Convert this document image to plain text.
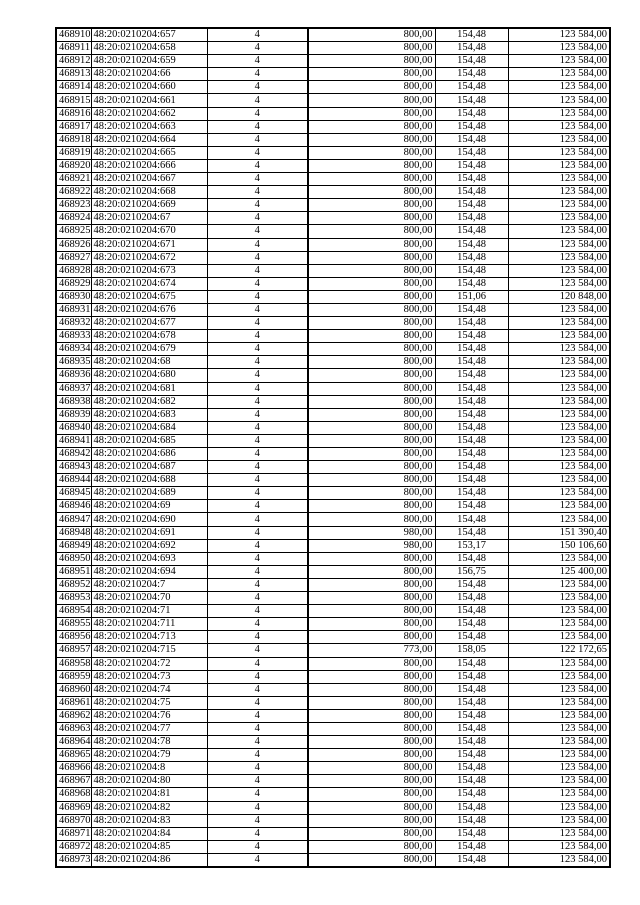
468910	48:20:0210204:657	4	800,00	154,48	123 584,00
468911	48:20:0210204:658	4	800,00	154,48	123 584,00
468912	48:20:0210204:659	4	800,00	154,48	123 584,00
468913	48:20:0210204:66	4	800,00	154,48	123 584,00
468914	48:20:0210204:660	4	800,00	154,48	123 584,00
468915	48:20:0210204:661	4	800,00	154,48	123 584,00
468916	48:20:0210204:662	4	800,00	154,48	123 584,00
468917	48:20:0210204:663	4	800,00	154,48	123 584,00
468918	48:20:0210204:664	4	800,00	154,48	123 584,00
468919	48:20:0210204:665	4	800,00	154,48	123 584,00
468920	48:20:0210204:666	4	800,00	154,48	123 584,00
468921	48:20:0210204:667	4	800,00	154,48	123 584,00
468922	48:20:0210204:668	4	800,00	154,48	123 584,00
468923	48:20:0210204:669	4	800,00	154,48	123 584,00
468924	48:20:0210204:67	4	800,00	154,48	123 584,00
468925	48:20:0210204:670	4	800,00	154,48	123 584,00
468926	48:20:0210204:671	4	800,00	154,48	123 584,00
468927	48:20:0210204:672	4	800,00	154,48	123 584,00
468928	48:20:0210204:673	4	800,00	154,48	123 584,00
468929	48:20:0210204:674	4	800,00	154,48	123 584,00
468930	48:20:0210204:675	4	800,00	151,06	120 848,00
468931	48:20:0210204:676	4	800,00	154,48	123 584,00
468932	48:20:0210204:677	4	800,00	154,48	123 584,00
468933	48:20:0210204:678	4	800,00	154,48	123 584,00
468934	48:20:0210204:679	4	800,00	154,48	123 584,00
468935	48:20:0210204:68	4	800,00	154,48	123 584,00
468936	48:20:0210204:680	4	800,00	154,48	123 584,00
468937	48:20:0210204:681	4	800,00	154,48	123 584,00
468938	48:20:0210204:682	4	800,00	154,48	123 584,00
468939	48:20:0210204:683	4	800,00	154,48	123 584,00
468940	48:20:0210204:684	4	800,00	154,48	123 584,00
468941	48:20:0210204:685	4	800,00	154,48	123 584,00
468942	48:20:0210204:686	4	800,00	154,48	123 584,00
468943	48:20:0210204:687	4	800,00	154,48	123 584,00
468944	48:20:0210204:688	4	800,00	154,48	123 584,00
468945	48:20:0210204:689	4	800,00	154,48	123 584,00
468946	48:20:0210204:69	4	800,00	154,48	123 584,00
468947	48:20:0210204:690	4	800,00	154,48	123 584,00
468948	48:20:0210204:691	4	980,00	154,48	151 390,40
468949	48:20:0210204:692	4	980,00	153,17	150 106,60
468950	48:20:0210204:693	4	800,00	154,48	123 584,00
468951	48:20:0210204:694	4	800,00	156,75	125 400,00
468952	48:20:0210204:7	4	800,00	154,48	123 584,00
468953	48:20:0210204:70	4	800,00	154,48	123 584,00
468954	48:20:0210204:71	4	800,00	154,48	123 584,00
468955	48:20:0210204:711	4	800,00	154,48	123 584,00
468956	48:20:0210204:713	4	800,00	154,48	123 584,00
468957	48:20:0210204:715	4	773,00	158,05	122 172,65
468958	48:20:0210204:72	4	800,00	154,48	123 584,00
468959	48:20:0210204:73	4	800,00	154,48	123 584,00
468960	48:20:0210204:74	4	800,00	154,48	123 584,00
468961	48:20:0210204:75	4	800,00	154,48	123 584,00
468962	48:20:0210204:76	4	800,00	154,48	123 584,00
468963	48:20:0210204:77	4	800,00	154,48	123 584,00
468964	48:20:0210204:78	4	800,00	154,48	123 584,00
468965	48:20:0210204:79	4	800,00	154,48	123 584,00
468966	48:20:0210204:8	4	800,00	154,48	123 584,00
468967	48:20:0210204:80	4	800,00	154,48	123 584,00
468968	48:20:0210204:81	4	800,00	154,48	123 584,00
468969	48:20:0210204:82	4	800,00	154,48	123 584,00
468970	48:20:0210204:83	4	800,00	154,48	123 584,00
468971	48:20:0210204:84	4	800,00	154,48	123 584,00
468972	48:20:0210204:85	4	800,00	154,48	123 584,00
468973	48:20:0210204:86	4	800,00	154,48	123 584,00
